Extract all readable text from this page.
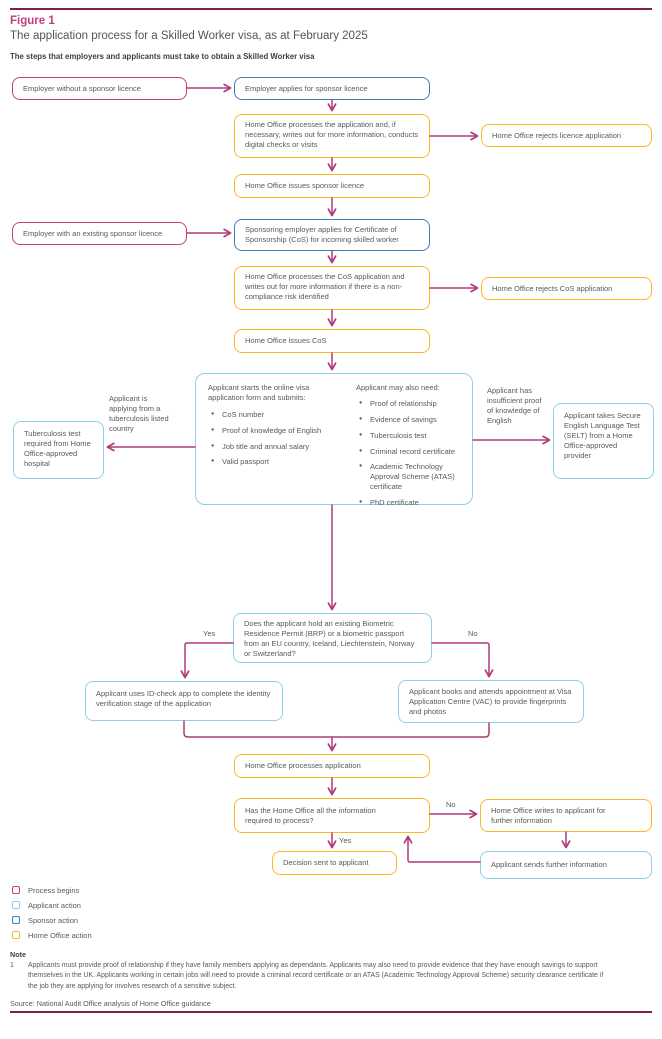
Figure 1
The application process for a Skilled Worker visa, as at February 2025
The steps that employers and applicants must take to obtain a Skilled Worker visa
Employer without a sponsor licence	Employer applies for sponsor licence
Home Office processes the application and, if necessary, writes out for more information, conducts digital checks or visits
Home Office rejects licence application
Home Office issues sponsor licence
Employer with an existing sponsor licence	Sponsoring employer applies for Certificate of Sponsorship (CoS) for incoming skilled worker
Home Office processes the CoS application and writes out for more information if there is a non-compliance risk identified
Home Office rejects CoS application
Home Office issues CoS
Applicant starts the online visa application form and submits:
●	CoS number
●	Proof of knowledge of English
●	Job title and annual salary
●	Valid passport
Applicant may also need:
●	Proof of relationship
●	Evidence of savings
●	Tuberculosis test
●	Criminal record certificate
●	Academic Technology Approval Scheme (ATAS) certificate
●	PhD certificate
Tuberculosis test required from Home Office-approved hospital
Applicant takes Secure English Language Test (SELT) from a Home Office-approved provider
Does the applicant hold an existing Biometric Residence Permit (BRP) or a biometric passport from an EU country, Iceland, Liechtenstein, Norway or Switzerland?
Applicant uses ID-check app to complete the identity verification stage of the application
Applicant books and attends appointment at Visa Application Centre (VAC) to provide fingerprints and photos
Home Office processes application
Has the Home Office all the information required to process?
Decision sent to applicant
Home Office writes to applicant for further information
Applicant sends further information
Applicant is applying from a tuberculosis listed country
Applicant has insufficient proof of knowledge of English
Yes	No
No
Yes
Process begins
Applicant action
Sponsor action
Home Office action
Note
1	Applicants must provide proof of relationship if they have family members applying as dependants. Applicants may also need to provide evidence that they have enough savings to support themselves in the UK. Applicants working in certain jobs will need to provide a criminal record certificate or an ATAS (Academic Technology Approval Scheme) security clearance certificate if the job they are applying for involves research of a sensitive subject.
Source: National Audit Office analysis of Home Office guidance
